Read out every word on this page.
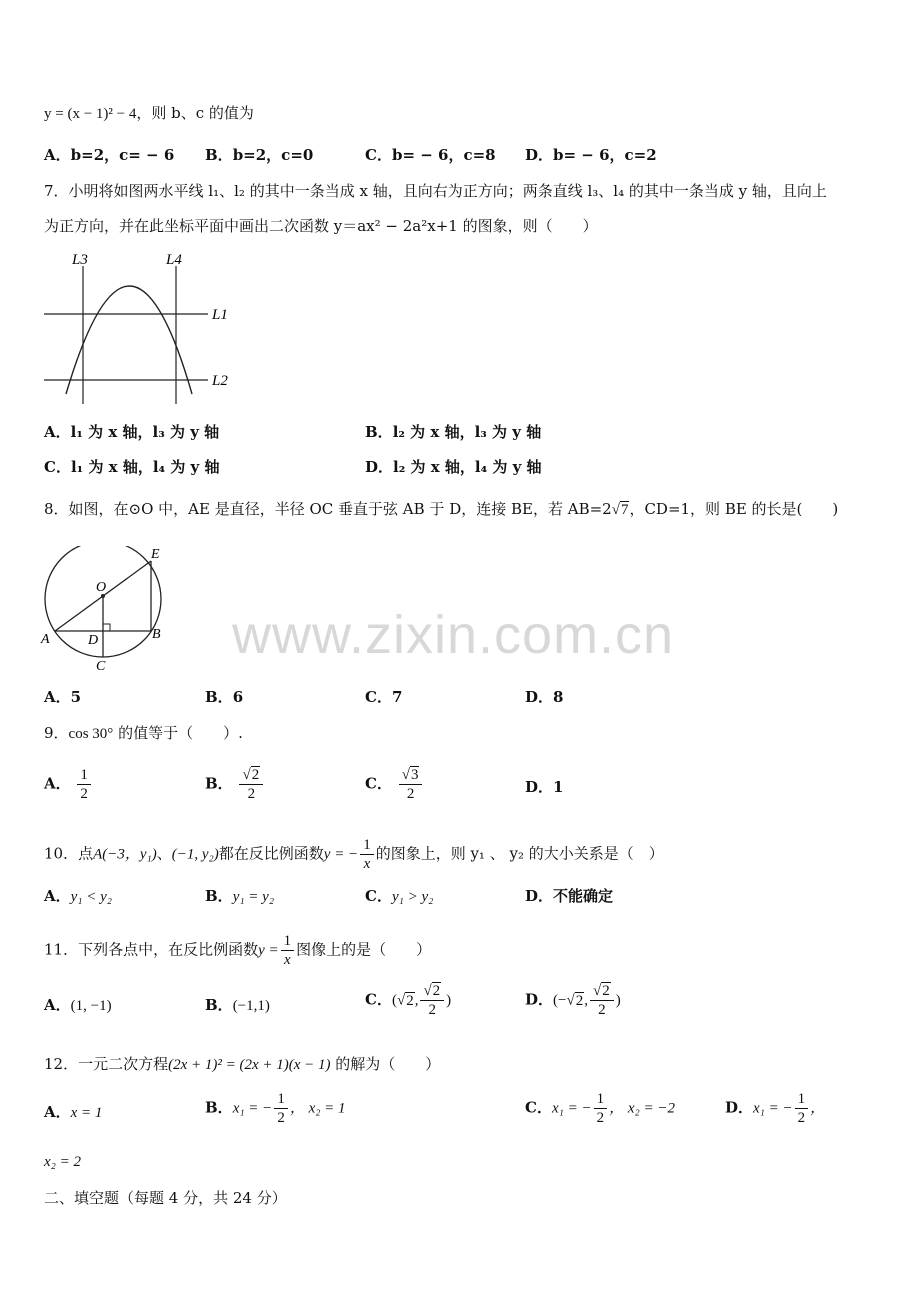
www.zixin.com.cn
y = (x − 1)² − 4，则 b、c 的值为
A．b=2，c= − 6 B．b=2，c=0	C．b= − 6，c=8 D．b= − 6，c=2
7．小明将如图两水平线 l₁、l₂ 的其中一条当成 x 轴，且向右为正方向；两条直线 l₃、l₄ 的其中一条当成 y 轴，且向上
为正方向，并在此坐标平面中画出二次函数 y＝ax² − 2a²x+1 的图象，则（　　）
L3	L4
L1
L2
A．l₁ 为 x 轴，l₃ 为 y 轴	B．l₂ 为 x 轴，l₃ 为 y 轴
C．l₁ 为 x 轴，l₄ 为 y 轴	D．l₂ 为 x 轴，l₄ 为 y 轴
8．如图，在⊙O 中，AE 是直径，半径 OC 垂直于弦 AB 于 D，连接 BE，若 AB=2√7，CD=1，则 BE 的长是(　　)
E
O
A	D	B
C
A．5	B．6	C．7	D．8
9．cos 30° 的值等于（　　）.
A． $\frac{1}{2}$	B． $\frac{√2}{2}$	C． $\frac{√3}{2}$	D．1
10．点A(−3，y₁)、(−1, y₂)都在反比例函数y = − $\frac{1}{x}$ 的图象上，则 y₁ 、 y₂ 的大小关系是（　）
A．y₁ < y₂	B．y₁ = y₂	C．y₁ > y₂	D．不能确定
11．下列各点中，在反比例函数$y = \frac{1}{x}$ 图像上的是（　　）
A．(1, −1)	B．(−1,1)	C．(√2, $\frac{√2}{2}$ )	D．(−√2, $\frac{√2}{2}$ )
12．一元二次方程(2x + 1)² = (2x + 1)(x − 1) 的解为（　　）
A．x = 1	B．x₁ = − $\frac{1}{2}$ ， x₂ = 1	C．x₁ = − $\frac{1}{2}$ ， x₂ = −2	D．x₁ = − $\frac{1}{2}$ ，
x₂ = 2
二、填空题（每题 4 分，共 24 分）
